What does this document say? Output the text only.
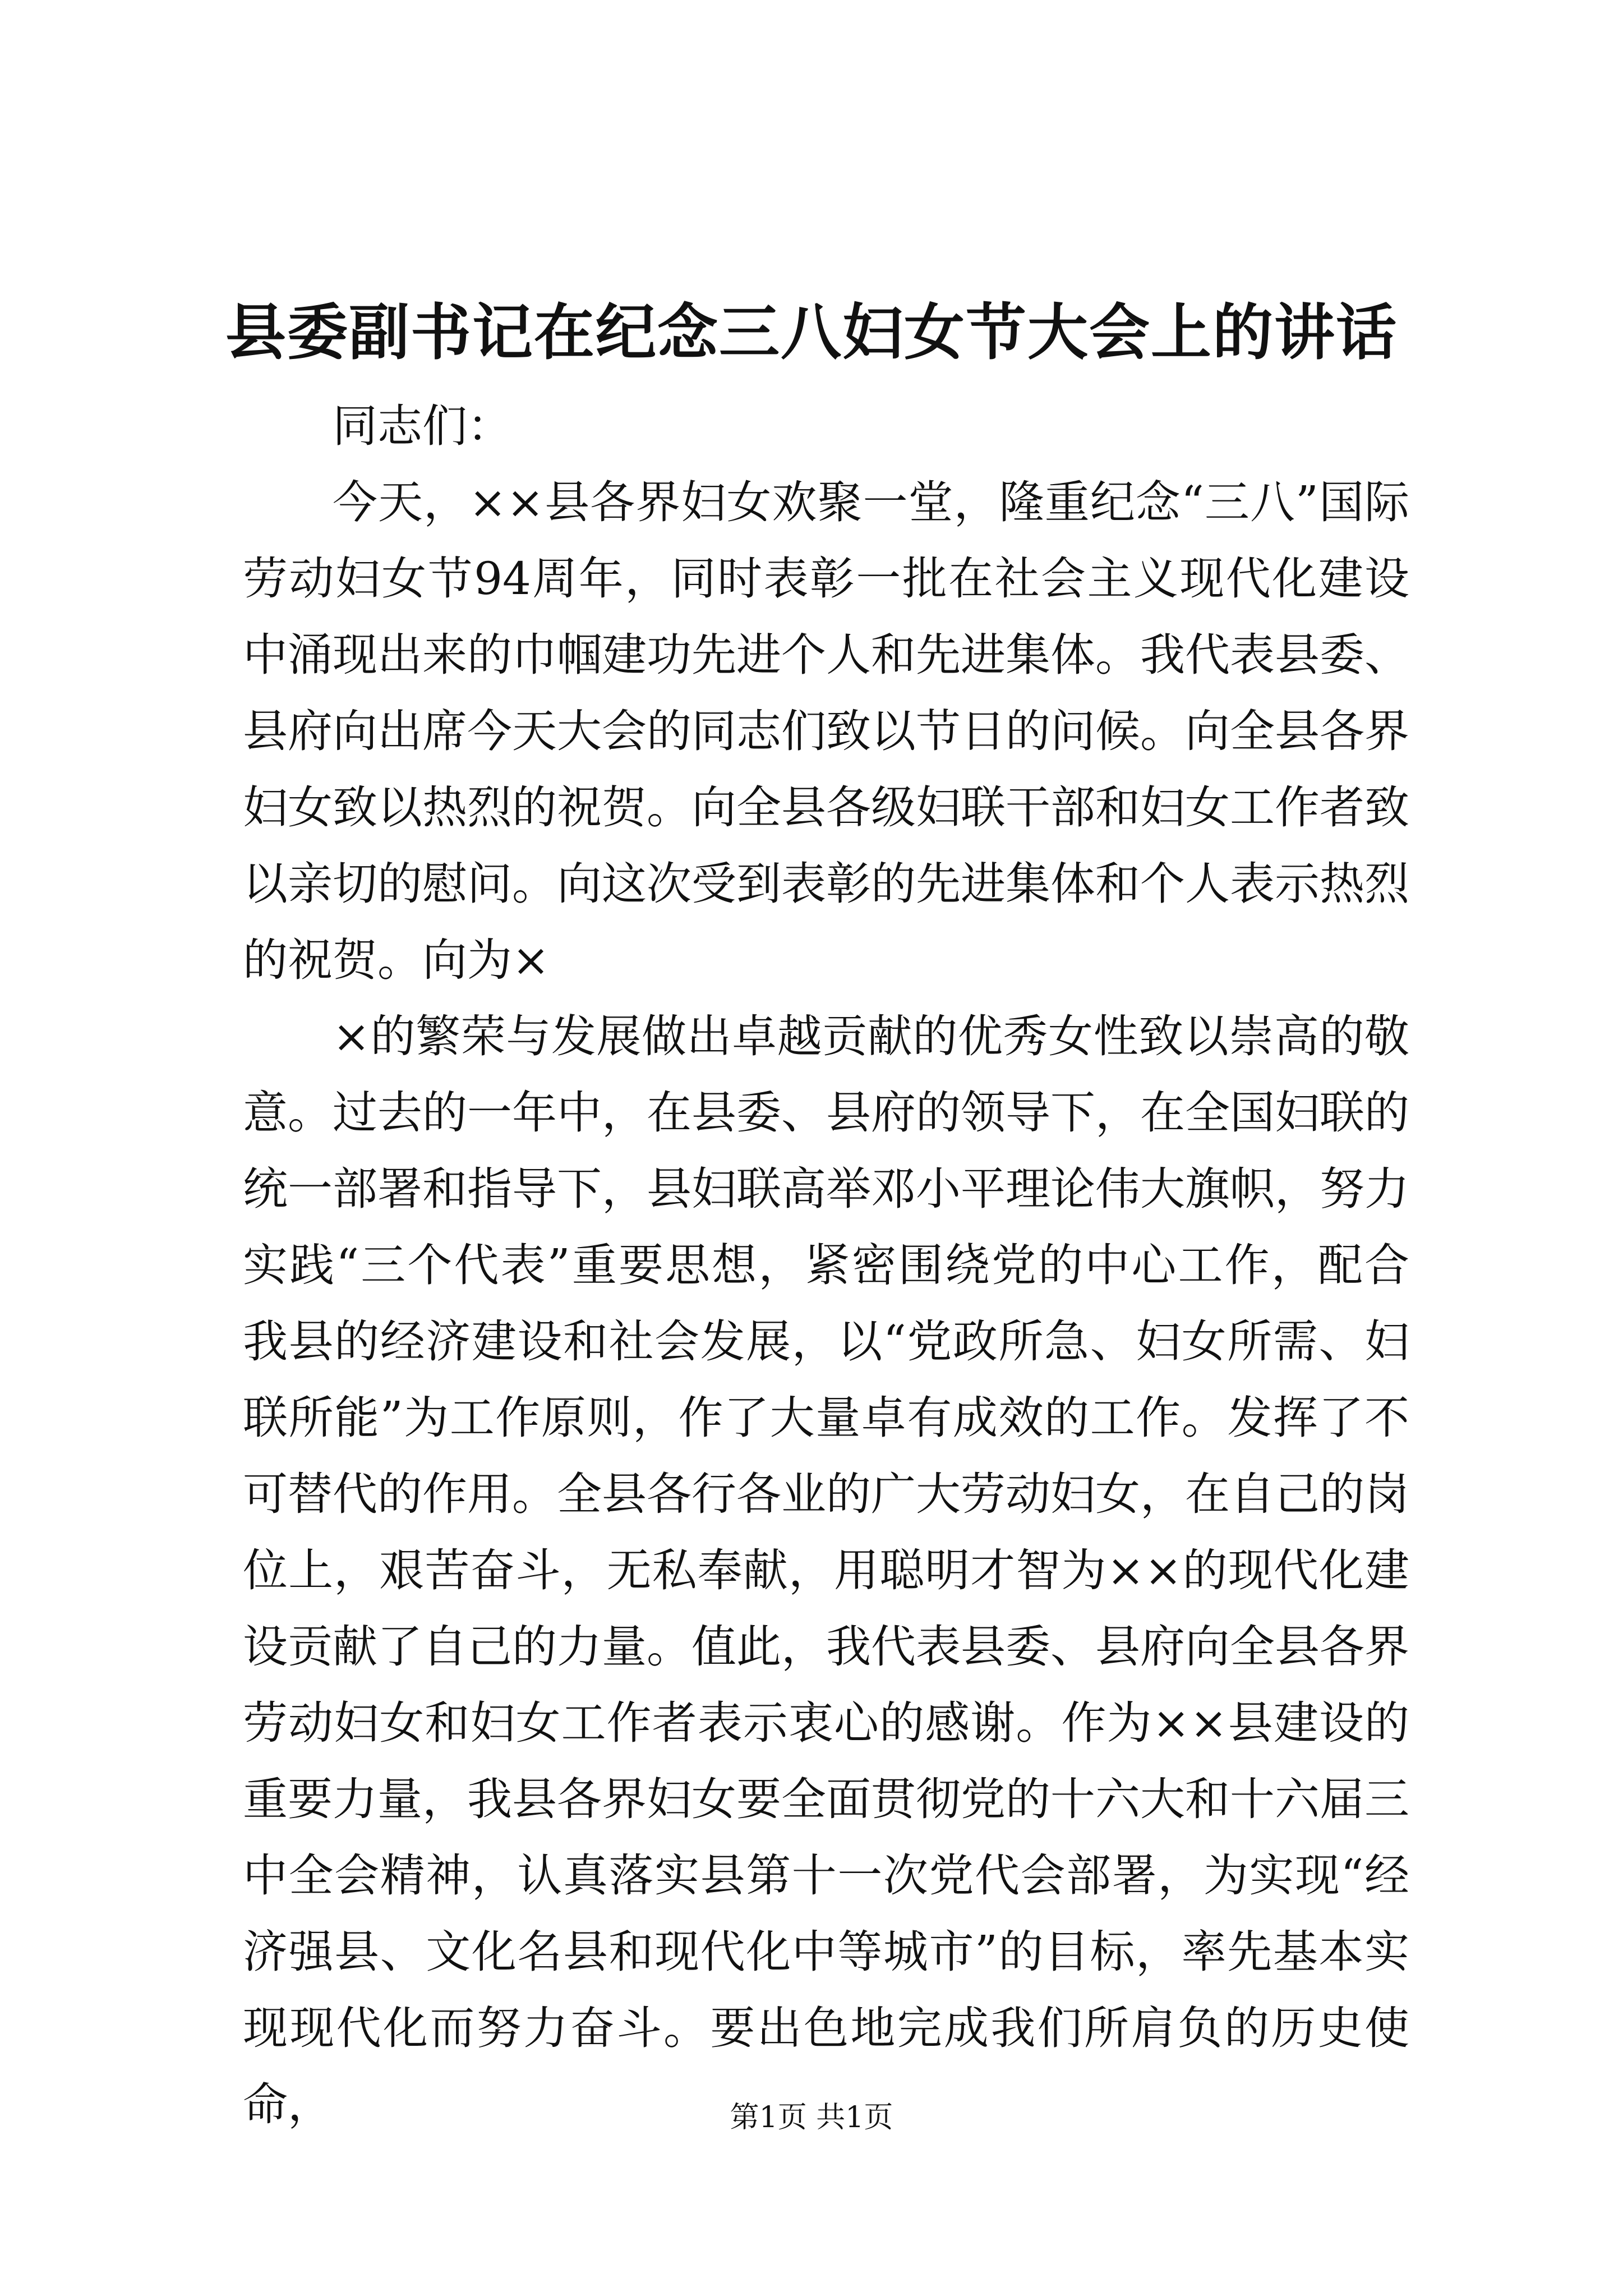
县委副书记在纪念三八妇女节大会上的讲话

同志们：

今天，××县各界妇女欢聚一堂，隆重纪念“三八”国际劳动妇女节94周年，同时表彰一批在社会主义现代化建设中涌现出来的巾帼建功先进个人和先进集体。我代表县委、县府向出席今天大会的同志们致以节日的问候。向全县各界妇女致以热烈的祝贺。向全县各级妇联干部和妇女工作者致以亲切的慰问。向这次受到表彰的先进集体和个人表示热烈的祝贺。向为×

×的繁荣与发展做出卓越贡献的优秀女性致以崇高的敬意。过去的一年中，在县委、县府的领导下，在全国妇联的统一部署和指导下，县妇联高举邓小平理论伟大旗帜，努力实践“三个代表”重要思想，紧密围绕党的中心工作，配合我县的经济建设和社会发展，以“党政所急、妇女所需、妇联所能”为工作原则，作了大量卓有成效的工作。发挥了不可替代的作用。全县各行各业的广大劳动妇女，在自己的岗位上，艰苦奋斗，无私奉献，用聪明才智为××的现代化建设贡献了自己的力量。值此，我代表县委、县府向全县各界劳动妇女和妇女工作者表示衷心的感谢。作为××县建设的重要力量，我县各界妇女要全面贯彻党的十六大和十六届三中全会精神，认真落实县第十一次党代会部署，为实现“经济强县、文化名县和现代化中等城市”的目标，率先基本实现现代化而努力奋斗。要出色地完成我们所肩负的历史使命，	第1页 共1页
